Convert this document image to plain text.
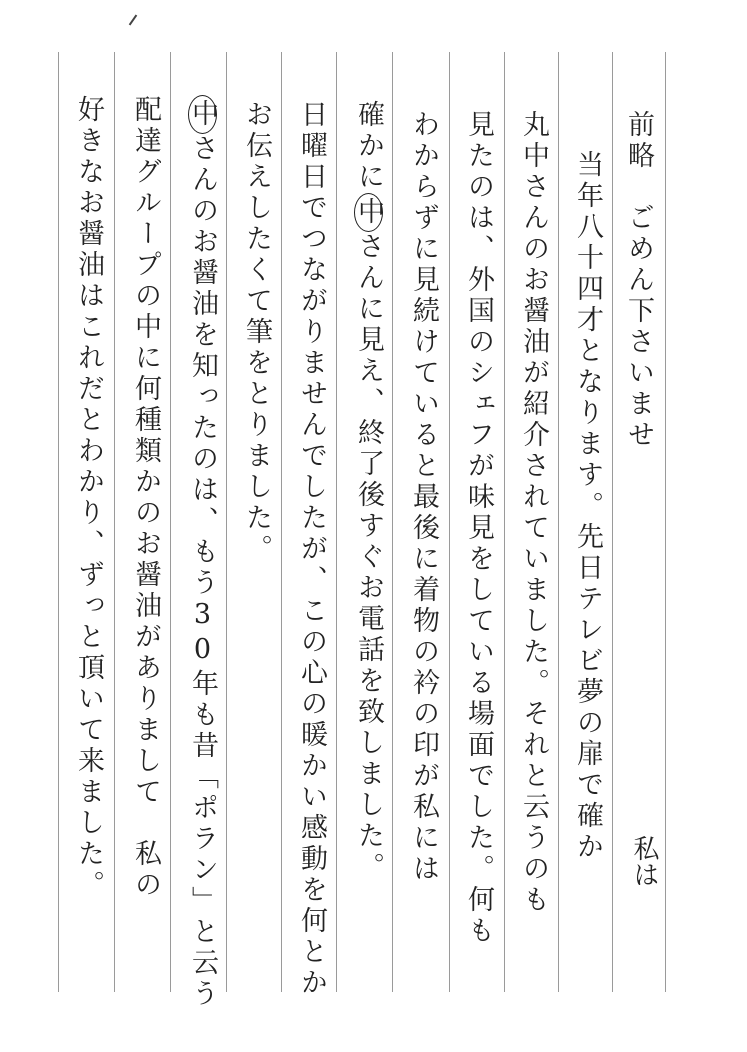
前略　ごめん下さいませ
当年八十四才となります。先日テレビ夢の扉で確か
丸中さんのお醤油が紹介されていました。それと云うのも
見たのは、外国のシェフが味見をしている場面でした。何も
わからずに見続けていると最後に着物の衿の印が私には
確かに中さんに見え、終了後すぐお電話を致しました。
日曜日でつながりませんでしたが、この心の暖かい感動を何とか
お伝えしたくて筆をとりました。
中さんのお醤油を知ったのは、もう30年も昔「ポラン」と云う
配達グループの中に何種類かのお醤油がありまして　私の
好きなお醤油はこれだとわかり、ずっと頂いて来ました。	私は
